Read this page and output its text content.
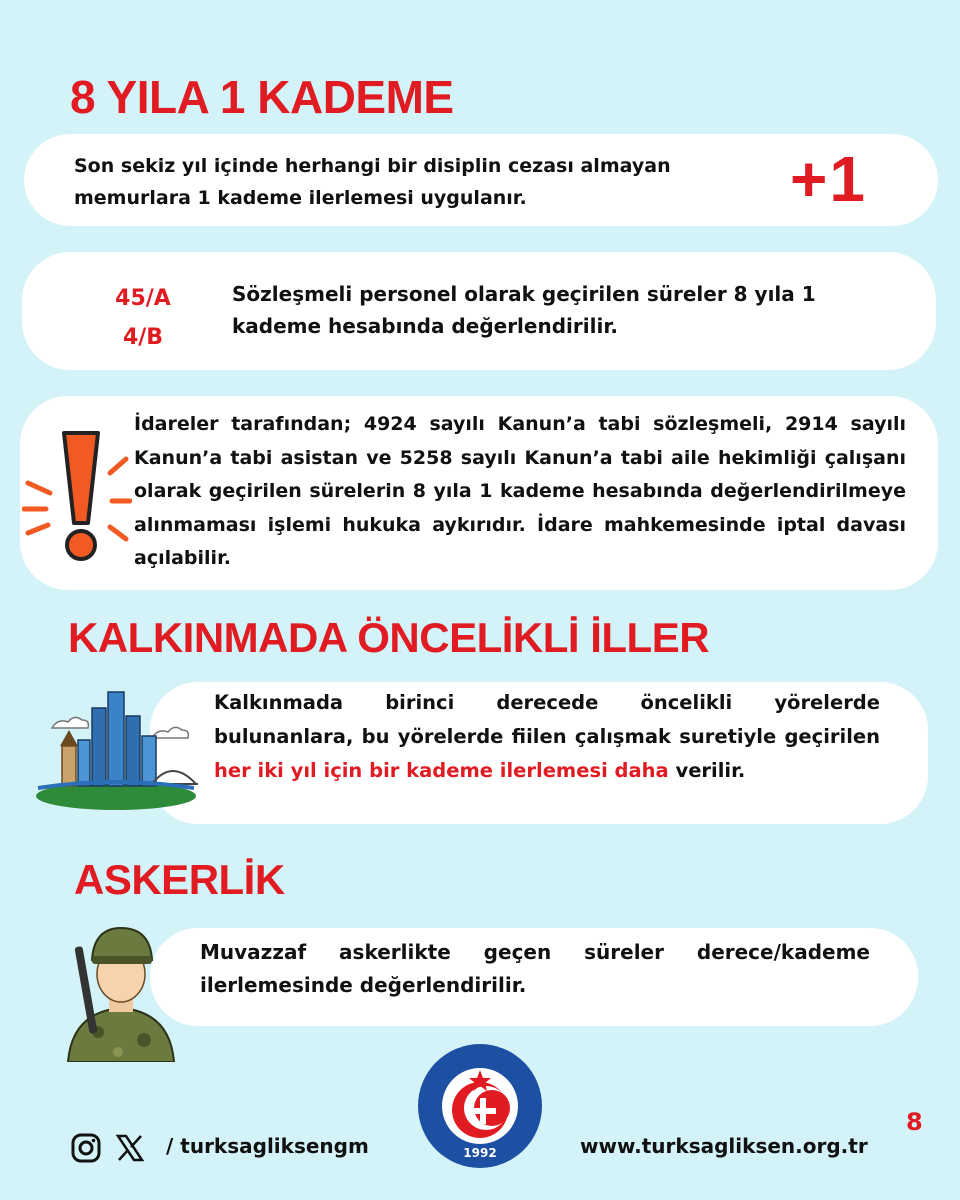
8 YILA 1 KADEME
Son sekiz yıl içinde herhangi bir disiplin cezası almayan memurlara 1 kademe ilerlemesi uygulanır.	+1
45/A
4/B
Sözleşmeli personel olarak geçirilen süreler 8 yıla 1 kademe hesabında değerlendirilir.
İdareler tarafından; 4924 sayılı Kanun’a tabi sözleşmeli, 2914 sayılı Kanun’a tabi asistan ve 5258 sayılı Kanun’a tabi aile hekimliği çalışanı olarak geçirilen sürelerin 8 yıla 1 kademe hesabında değerlendirilmeye alınmaması işlemi hukuka aykırıdır. İdare mahkemesinde iptal davası açılabilir.
KALKINMADA ÖNCELİKLİ İLLER
Kalkınmada birinci derecede öncelikli yörelerde bulunanlara, bu yörelerde fiilen çalışmak suretiyle geçirilen her iki yıl için bir kademe ilerlemesi daha verilir.
ASKERLİK
Muvazzaf askerlikte geçen süreler derece/kademe ilerlemesinde değerlendirilir.
/ turksagliksengm	1992	www.turksagliksen.org.tr
8
